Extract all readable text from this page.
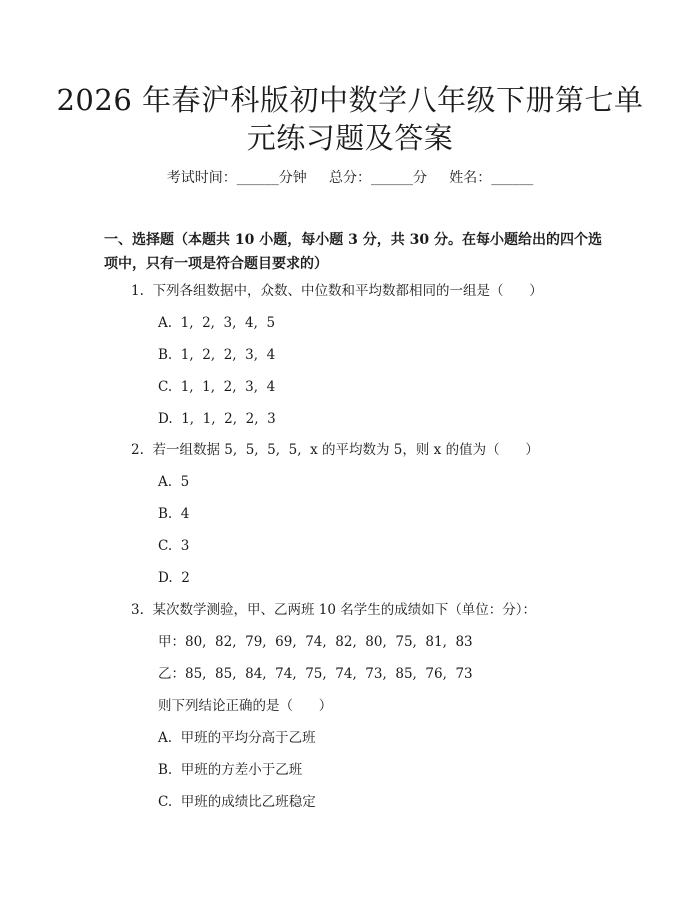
2026 年春沪科版初中数学八年级下册第七单
元练习题及答案
考试时间：______分钟     总分：______分     姓名：______
一、选择题（本题共 10 小题，每小题 3 分，共 30 分。在每小题给出的四个选项中，只有一项是符合题目要求的）
1.  下列各组数据中，众数、中位数和平均数都相同的一组是（      ）
A.  1,  2,  3,  4,  5
B.  1,  2,  2,  3,  4
C.  1,  1,  2,  3,  4
D.  1,  1,  2,  2,  3
2.  若一组数据 5,  5,  5,  5,  x 的平均数为 5，则 x 的值为（      ）
A.  5
B.  4
C.  3
D.  2
3.  某次数学测验，甲、乙两班 10 名学生的成绩如下（单位：分）：
甲：80,  82,  79,  69,  74,  82,  80,  75,  81,  83
乙：85,  85,  84,  74,  75,  74,  73,  85,  76,  73
则下列结论正确的是（      ）
A.  甲班的平均分高于乙班
B.  甲班的方差小于乙班
C.  甲班的成绩比乙班稳定
